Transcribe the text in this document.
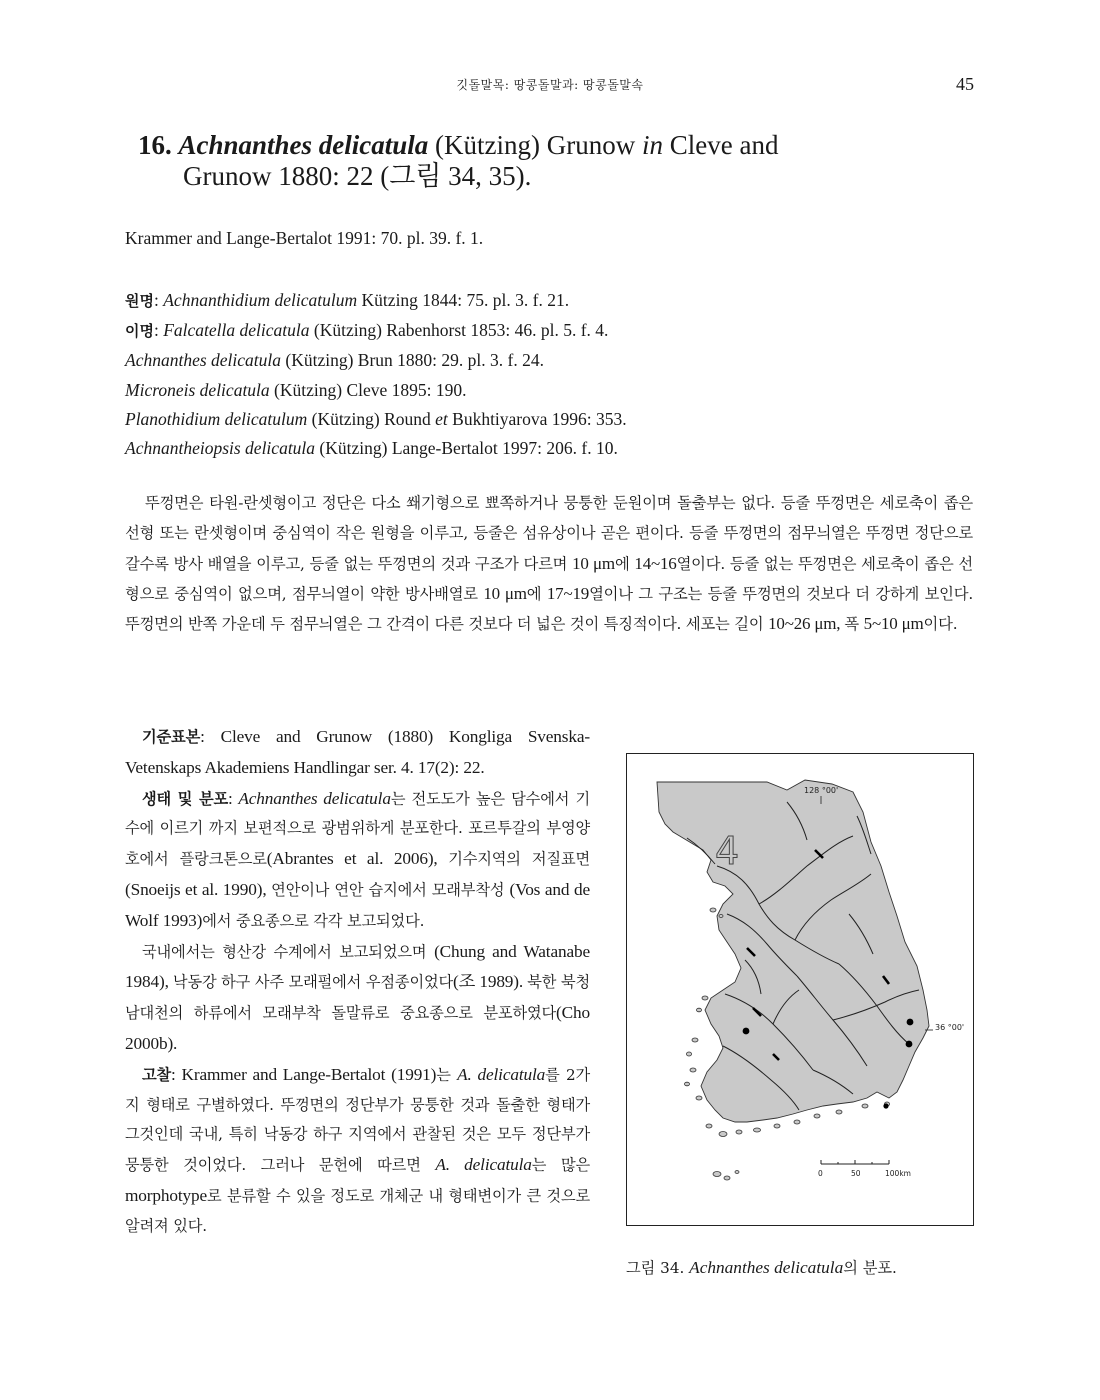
깃돌말목: 땅콩돌말과: 땅콩돌말속	45
16. Achnanthes delicatula (Kützing) Grunow in Cleve and
Grunow 1880: 22 (그림 34, 35).
Krammer and Lange-Bertalot 1991: 70. pl. 39. f. 1.
원명: Achnanthidium delicatulum Kützing 1844: 75. pl. 3. f. 21.
이명: Falcatella delicatula (Kützing) Rabenhorst 1853: 46. pl. 5. f. 4.
Achnanthes delicatula (Kützing) Brun 1880: 29. pl. 3. f. 24.
Microneis delicatula (Kützing) Cleve 1895: 190.
Planothidium delicatulum (Kützing) Round et Bukhtiyarova 1996: 353.
Achnantheiopsis delicatula (Kützing) Lange-Bertalot 1997: 206. f. 10.
뚜껑면은 타원-란셋형이고 정단은 다소 쐐기형으로 뾰쪽하거나 뭉퉁한 둔원이며 돌출부는 없다. 등줄 뚜껑면은 세로축이 좁은 선형 또는 란셋형이며 중심역이 작은 원형을 이루고, 등줄은 섬유상이나 곧은 편이다. 등줄 뚜껑면의 점무늬열은 뚜껑면 정단으로 갈수록 방사 배열을 이루고, 등줄 없는 뚜껑면의 것과 구조가 다르며 10 μm에 14~16열이다. 등줄 없는 뚜껑면은 세로축이 좁은 선형으로 중심역이 없으며, 점무늬열이 약한 방사배열로 10 μm에 17~19열이나 그 구조는 등줄 뚜껑면의 것보다 더 강하게 보인다. 뚜껑면의 반쪽 가운데 두 점무늬열은 그 간격이 다른 것보다 더 넓은 것이 특징적이다. 세포는 길이 10~26 μm, 폭 5~10 μm이다.

기준표본: Cleve and Grunow (1880) Kongliga Svenska-Vetenskaps Akademiens Handlingar ser. 4. 17(2): 22.

생태 및 분포: Achnanthes delicatula는 전도도가 높은 담수에서 기수에 이르기 까지 보편적으로 광범위하게 분포한다. 포르투갈의 부영양호에서 플랑크톤으로(Abrantes et al. 2006), 기수지역의 저질표면(Snoeijs et al. 1990), 연안이나 연안 습지에서 모래부착성 (Vos and de Wolf 1993)에서 중요종으로 각각 보고되었다.

국내에서는 형산강 수계에서 보고되었으며 (Chung and Watanabe 1984), 낙동강 하구 사주 모래펄에서 우점종이었다(조 1989). 북한 북청남대천의 하류에서 모래부착 돌말류로 중요종으로 분포하였다(Cho 2000b).

고찰: Krammer and Lange-Bertalot (1991)는 A. delicatula를 2가지 형태로 구별하였다. 뚜껑면의 정단부가 뭉퉁한 것과 돌출한 형태가 그것인데 국내, 특히 낙동강 하구 지역에서 관찰된 것은 모두 정단부가 뭉퉁한 것이었다. 그러나 문헌에 따르면 A. delicatula는 많은 morphotype로 분류할 수 있을 정도로 개체군 내 형태변이가 큰 것으로 알려져 있다.

4
128 °00'
36 °00'
0	50	100km
그림 34. Achnanthes delicatula의 분포.
